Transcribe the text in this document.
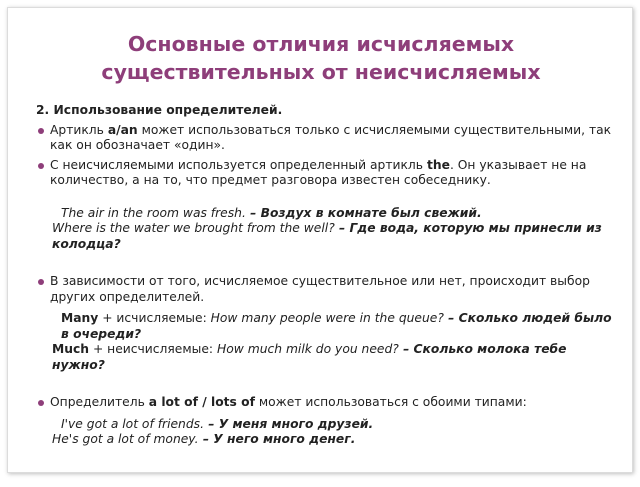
Основные отличия исчисляемых
существительных от неисчисляемых
2. Использование определителей.
Артикль a/an может использоваться только с исчисляемыми существительными, так как он обозначает «один».
С неисчисляемыми используется определенный артикль the. Он указывает не на количество, а на то, что предмет разговора известен собеседнику.
The air in the room was fresh. – Воздух в комнате был свежий.
Where is the water we brought from the well? – Где вода, которую мы принесли из колодца?
В зависимости от того, исчисляемое существительное или нет, происходит выбор других определителей.
Many + исчисляемые: How many people were in the queue? – Сколько людей было в очереди?
Much + неисчисляемые: How much milk do you need? – Сколько молока тебе нужно?
Определитель a lot of / lots of может использоваться с обоими типами:
I've got a lot of friends. – У меня много друзей.
He's got a lot of money. – У него много денег.
